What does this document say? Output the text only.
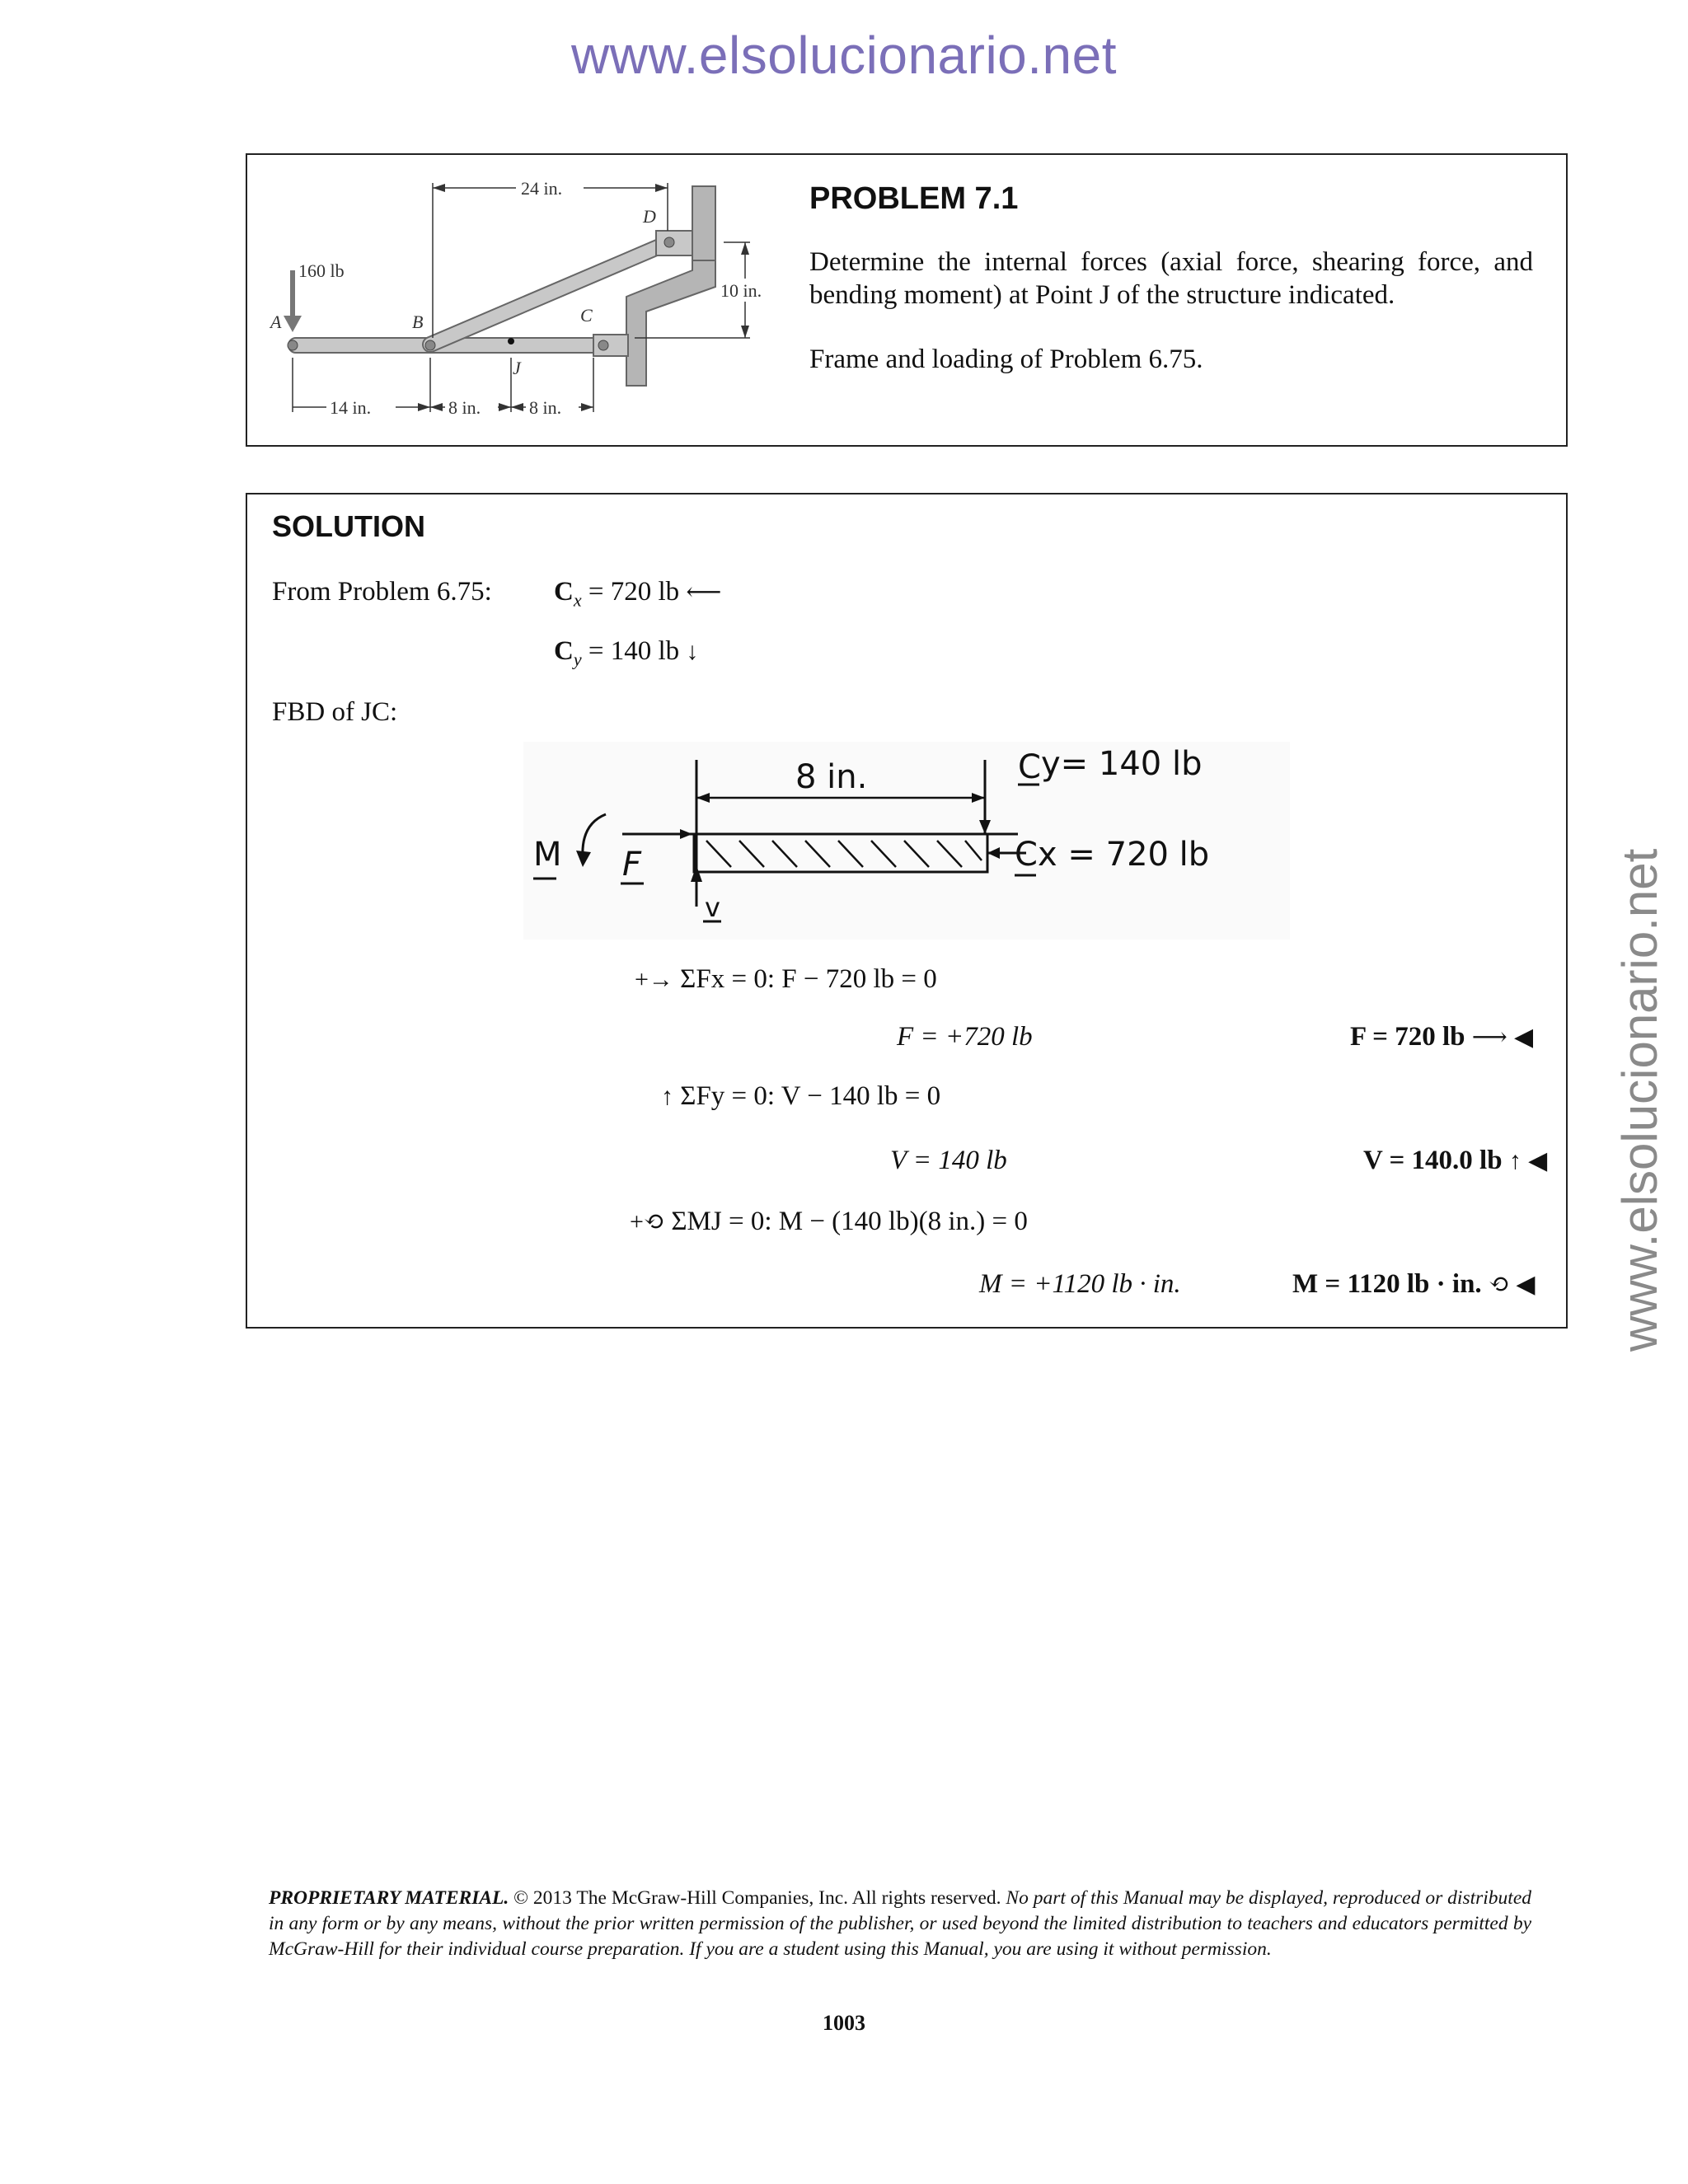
www.elsolucionario.net
www.elsolucionario.net
160 lb
A	B	C
D
J
24 in.
10 in.
14 in.	8 in.	8 in.
PROBLEM 7.1
Determine the internal forces (axial force, shearing force, and bending moment) at Point J of the structure indicated.
Frame and loading of Problem 6.75.
SOLUTION
From Problem 6.75: $C_x = 720$ lb ⟵
$C_y = 140$ lb ↓
FBD of JC:
8 in.	C y= 140 lb
C x = 720 lb
F
v
M
+→ ΣFx = 0: F − 720 lb = 0
F = +720 lb	F = 720 lb ⟶ ◀
↑ ΣFy = 0: V − 140 lb = 0
V = 140 lb	V = 140.0 lb ↑ ◀
+⟲ ΣMJ = 0: M − (140 lb)(8 in.) = 0
M = +1120 lb · in.	M = 1120 lb · in. ⟲ ◀
PROPRIETARY MATERIAL. © 2013 The McGraw-Hill Companies, Inc. All rights reserved. No part of this Manual may be displayed, reproduced or distributed in any form or by any means, without the prior written permission of the publisher, or used beyond the limited distribution to teachers and educators permitted by McGraw-Hill for their individual course preparation. If you are a student using this Manual, you are using it without permission.
1003
